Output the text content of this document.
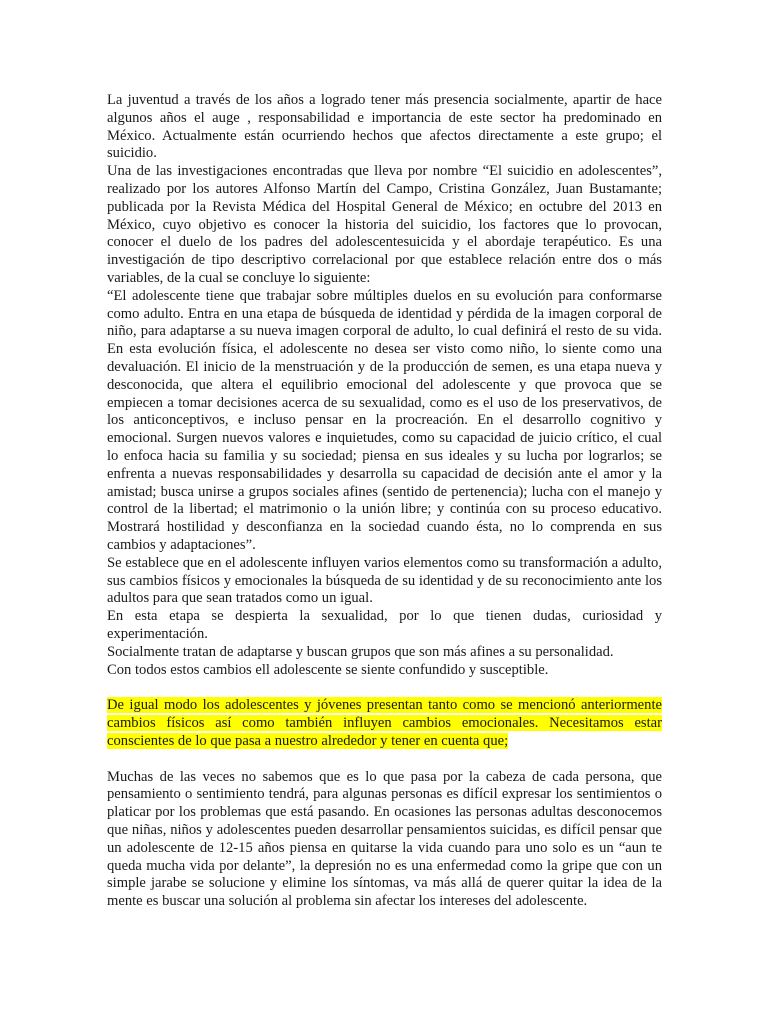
La juventud a través de los años a logrado tener más presencia socialmente, apartir de hace algunos años el auge , responsabilidad e importancia de este sector ha predominado en México. Actualmente están ocurriendo hechos que afectos directamente a este grupo; el suicidio.

Una de las investigaciones encontradas que lleva por nombre “El suicidio en adolescentes”, realizado por los autores Alfonso Martín del Campo, Cristina González, Juan Bustamante; publicada por la Revista Médica del Hospital General de México; en octubre del 2013 en México, cuyo objetivo es conocer la historia del suicidio, los factores que lo provocan, conocer el duelo de los padres del adolescentesuicida y el abordaje terapéutico. Es una investigación de tipo descriptivo correlacional por que establece relación entre dos o más variables, de la cual se concluye lo siguiente:

“El adolescente tiene que trabajar sobre múltiples duelos en su evolución para conformarse como adulto. Entra en una etapa de búsqueda de identidad y pérdida de la imagen corporal de niño, para adaptarse a su nueva imagen corporal de adulto, lo cual definirá el resto de su vida. En esta evolución física, el adolescente no desea ser visto como niño, lo siente como una devaluación. El inicio de la menstruación y de la producción de semen, es una etapa nueva y desconocida, que altera el equilibrio emocional del adolescente y que provoca que se empiecen a tomar decisiones acerca de su sexualidad, como es el uso de los preservativos, de los anticonceptivos, e incluso pensar en la procreación. En el desarrollo cognitivo y emocional. Surgen nuevos valores e inquietudes, como su capacidad de juicio crítico, el cual lo enfoca hacia su familia y su sociedad; piensa en sus ideales y su lucha por lograrlos; se enfrenta a nuevas responsabilidades y desarrolla su capacidad de decisión ante el amor y la amistad; busca unirse a grupos sociales afines (sentido de pertenencia); lucha con el manejo y control de la libertad; el matrimonio o la unión libre; y continúa con su proceso educativo. Mostrará hostilidad y desconfianza en la sociedad cuando ésta, no lo comprenda en sus cambios y adaptaciones”.

Se establece que en el adolescente influyen varios elementos como su transformación a adulto, sus cambios físicos y emocionales la búsqueda de su identidad y de su reconocimiento ante los adultos para que sean tratados como un igual.

En esta etapa se despierta la sexualidad, por lo que tienen dudas, curiosidad y experimentación.

Socialmente tratan de adaptarse y buscan grupos que son más afines a su personalidad.

Con todos estos cambios ell adolescente se siente confundido y susceptible.

De igual modo los adolescentes y jóvenes presentan tanto como se mencionó anteriormente cambios físicos así como también influyen cambios emocionales. Necesitamos estar conscientes de lo que pasa a nuestro alrededor y tener en cuenta que;

Muchas de las veces no sabemos que es lo que pasa por la cabeza de cada persona, que pensamiento o sentimiento tendrá, para algunas personas es difícil expresar los sentimientos o platicar por los problemas que está pasando. En ocasiones las personas adultas desconocemos que niñas, niños y adolescentes pueden desarrollar pensamientos suicidas, es difícil pensar que un adolescente de 12-15 años piensa en quitarse la vida cuando para uno solo es un “aun te queda mucha vida por delante”, la depresión no es una enfermedad como la gripe que con un simple jarabe se solucione y elimine los síntomas, va más allá de querer quitar la idea de la mente es buscar una solución al problema sin afectar los intereses del adolescente.
